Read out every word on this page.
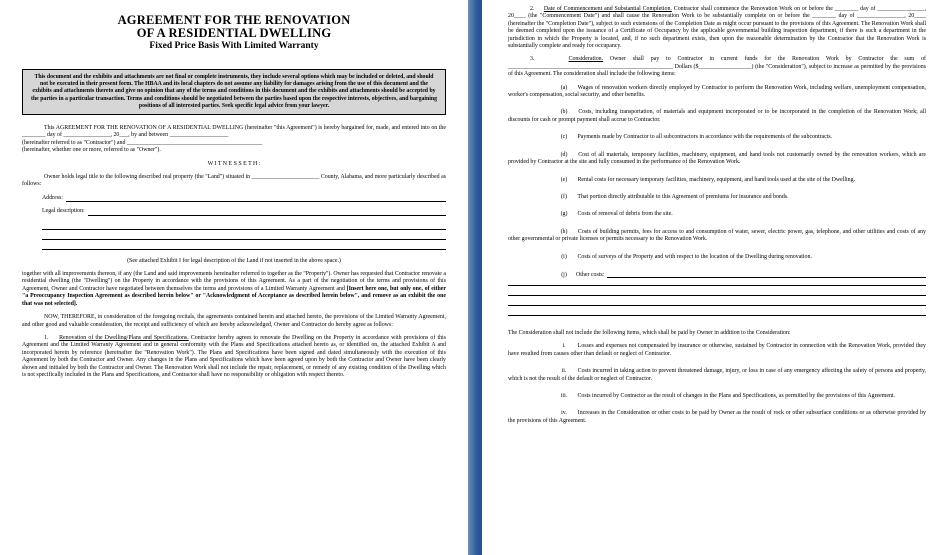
AGREEMENT FOR THE RENOVATION
OF A RESIDENTIAL DWELLING
Fixed Price Basis With Limited Warranty
This document and the exhibits and attachments are not final or complete instruments, they include several options which may be included or deleted, and should not be executed in their present form. The HBAA and its local chapters do not assume any liability for damages arising from the use of this document and the exhibits and attachments thereto and give no opinion that any of the terms and conditions in this document and the exhibits and attachments should be accepted by the parties in a particular transaction. Terms and conditions should be negotiated between the parties based upon the respective interests, objectives, and bargaining positions of all interested parties. Seek specific legal advice from your lawyer.

This AGREEMENT FOR THE RENOVATION OF A RESIDENTIAL DWELLING (hereinafter "this Agreement") is hereby bargained for, made, and entered into on the ________ day of ________________, 20___, by and between ____________________

(hereinafter referred to as "Contractor") and ______________________________________________

(hereinafter, whether one or more, referred to as "Owner").

W I T N E S S E T H :

Owner holds legal title to the following described real property (the "Land") situated in _______________________ County, Alabama, and more particularly described as follows:

Address:
Legal description:

(See attached Exhibit I for legal description of the Land if not inserted in the above space.)

together with all improvements thereon, if any (the Land and said improvements hereinafter referred to together as the "Property"). Owner has requested that Contractor renovate a residential dwelling (the "Dwelling") on the Property in accordance with the provisions of this Agreement. As a part of the negotiation of the terms and provisions of this Agreement, Owner and Contractor have negotiated between themselves the terms and provisions of a Limited Warranty Agreement and [Insert here one, but only one, of either "a Preoccupancy Inspection Agreement as described herein below" or "Acknowledgment of Acceptance as described herein below", and remove as an exhibit the one that was not selected].

NOW, THEREFORE, in consideration of the foregoing recitals, the agreements contained herein and attached hereto, the provisions of the Limited Warranty Agreement, and other good and valuable consideration, the receipt and sufficiency of which are hereby acknowledged, Owner and Contractor do hereby agree as follows:

1. Renovation of the Dwelling/Plans and Specifications. Contractor hereby agrees to renovate the Dwelling on the Property in accordance with provisions of this Agreement and the Limited Warranty Agreement and in general conformity with the Plans and Specifications attached hereto as, or identified on, the attached Exhibit A and incorporated herein by reference (hereinafter the "Renovation Work"). The Plans and Specifications have been signed and dated simultaneously with the execution of this Agreement by both the Contractor and Owner. Any changes in the Plans and Specifications which have been agreed upon by both the Contractor and Owner have been clearly shown and initialed by both the Contractor and Owner. The Renovation Work shall not include the repair, replacement, or remedy of any existing condition of the Dwelling which is not specifically included in the Plans and Specifications, and Contractor shall have no responsibility or obligation with respect thereto.

2. Date of Commencement and Substantial Completion. Contractor shall commence the Renovation Work on or before the ________ day of ________________, 20____ (the "Commencement Date") and shall cause the Renovation Work to be substantially complete on or before the ________ day of ________________, 20____ (hereinafter the "Completion Date"), subject to such extensions of the Completion Date as might occur pursuant to the provisions of this Agreement. The Renovation Work shall be deemed completed upon the issuance of a Certificate of Occupancy by the applicable governmental building inspection department, if there is such a department in the jurisdiction in which the Property is located, and, if no such department exists, then upon the reasonable determination by the Contractor that the Renovation Work is substantially complete and ready for occupancy.

3.	Consideration. Owner shall pay to Contractor in current funds for the Renovation Work by Contractor the sum of ________________________________________________________ Dollars ($__________________) (the "Consideration"), subject to increase as permitted by the provisions of this Agreement. The consideration shall include the following items:

(a) Wages of renovation workers directly employed by Contractor to perform the Renovation Work, including welfare, unemployment compensation, worker's compensation, social security, and other benefits.

(b) Costs, including transportation, of materials and equipment incorporated or to be incorporated in the completion of the Renovation Work; all discounts for cash or prompt payment shall accrue to Contractor.

(c) Payments made by Contractor to all subcontractors in accordance with the requirements of the subcontracts.

(d) Cost of all materials, temporary facilities, machinery, equipment, and hand tools not customarily owned by the renovation workers, which are provided by Contractor at the site and fully consumed in the performance of the Renovation Work.

(e) Rental costs for necessary temporary facilities, machinery, equipment, and hand tools used at the site of the Dwelling.

(f) That portion directly attributable to this Agreement of premiums for insurance and bonds.

(g) Costs of removal of debris from the site.

(h) Costs of building permits, fees for access to and consumption of water, sewer, electric power, gas, telephone, and other utilities and costs of any other governmental or private licenses or permits necessary to the Renovation Work.

(i) Costs of surveys of the Property and with respect to the location of the Dwelling during renovation.

(j)	Other costs:

The Consideration shall not include the following items, which shall be paid by Owner in addition to the Consideration:

i. Losses and expenses not compensated by insurance or otherwise, sustained by Contractor in connection with the Renovation Work, provided they have resulted from causes other than default or neglect of Contractor.

ii. Costs incurred in taking action to prevent threatened damage, injury, or loss in case of any emergency affecting the safety of persons and property, which is not the result of the default or neglect of Contractor.

iii. Costs incurred by Contractor as the result of changes in the Plans and Specifications, as permitted by the provisions of this Agreement.

iv. Increases in the Consideration or other costs to be paid by Owner as the result of rock or other subsurface conditions or as otherwise provided by the provisions of this Agreement.
